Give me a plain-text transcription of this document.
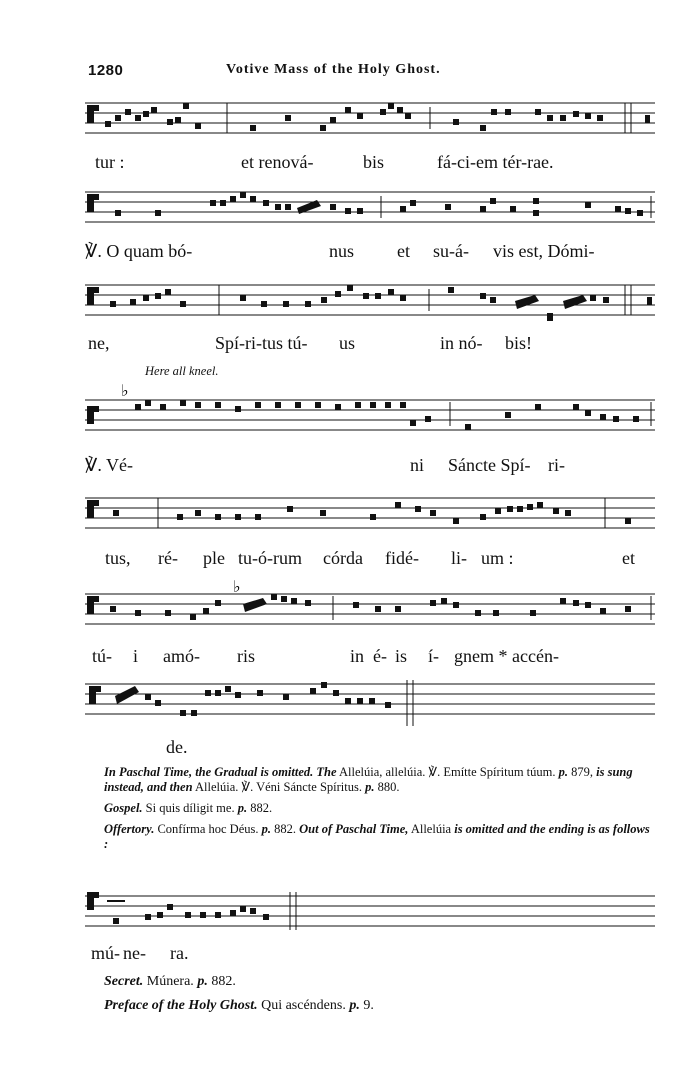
1280	Votive Mass of the Holy Ghost.
tur :	et renová-	bis	fá-ci-em tér-rae.
℣. O quam bó-	nus et su-á- vis est, Dómi-
ne,	Spí-ri-tus tú- us	in nó- bis!
Here all kneel.
♭
℣. Vé-	ni Sáncte Spí- ri-
tus, ré- ple tu-ó-rum córda fidé- li- um :	et
♭
tú- i amó- ris	in é- is í- gnem * accén-
de.

In Paschal Time, the Gradual is omitted. The Allelúia, allelúia. ℣. Emítte Spíritum túum. p. 879, is sung instead, and then Allelúia. ℣. Véni Sáncte Spíritus. p. 880.

Gospel. Si quis díligit me. p. 882.

Offertory. Confírma hoc Déus. p. 882. Out of Paschal Time, Allelúia is omitted and the ending is as follows :

mú- ne- ra.

Secret. Múnera. p. 882.

Preface of the Holy Ghost. Qui ascéndens. p. 9.
